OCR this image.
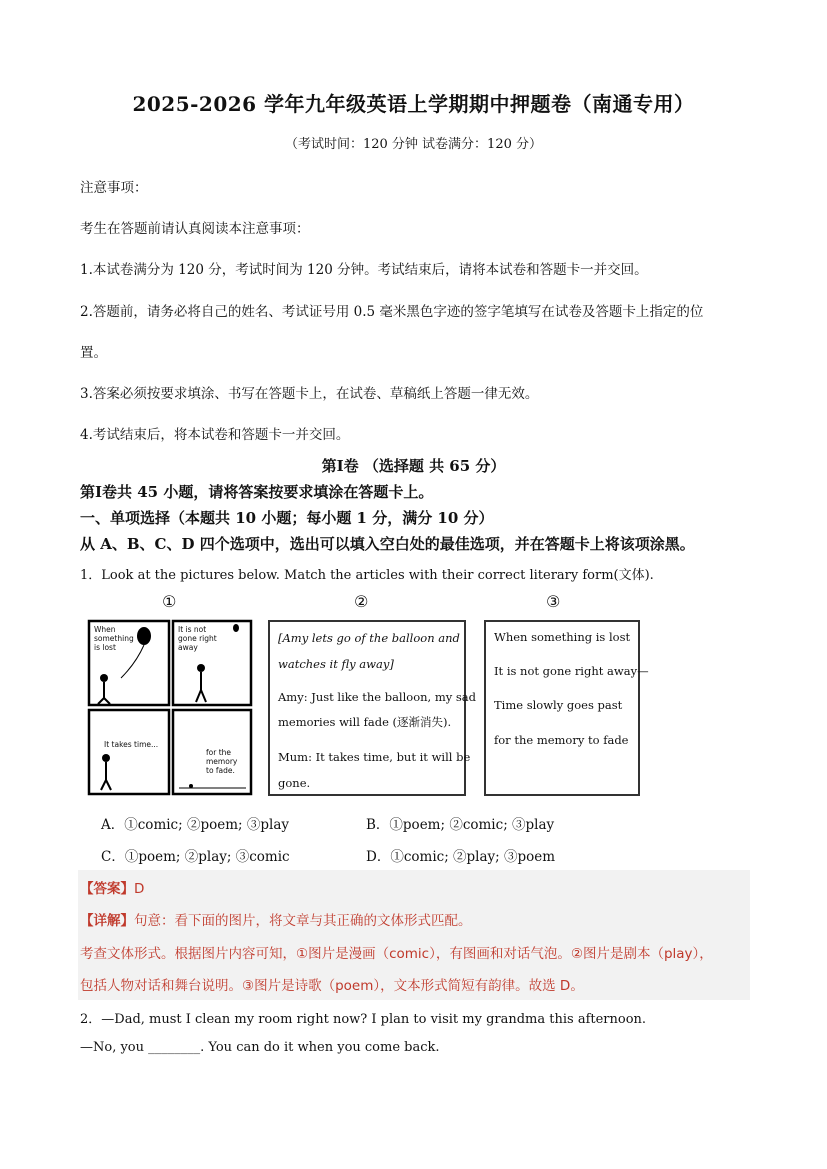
2025-2026 学年九年级英语上学期期中押题卷（南通专用）
（考试时间：120 分钟 试卷满分：120 分）
注意事项：
考生在答题前请认真阅读本注意事项：
1.本试卷满分为 120 分，考试时间为 120 分钟。考试结束后，请将本试卷和答题卡一并交回。
2.答题前，请务必将自己的姓名、考试证号用 0.5 毫米黑色字迹的签字笔填写在试卷及答题卡上指定的位
置。
3.答案必须按要求填涂、书写在答题卡上，在试卷、草稿纸上答题一律无效。
4.考试结束后，将本试卷和答题卡一并交回。
第Ⅰ卷 （选择题 共 65 分）
第Ⅰ卷共 45 小题，请将答案按要求填涂在答题卡上。
一、单项选择（本题共 10 小题；每小题 1 分，满分 10 分）
从 A、B、C、D 四个选项中，选出可以填入空白处的最佳选项，并在答题卡上将该项涂黑。
1．Look at the pictures below. Match the articles with their correct literary form(文体).
①	②	③
When something is lost
It is not gone right away
It takes time...
for the memory to fade.
[Amy lets go of the balloon and
watches it fly away]
Amy: Just like the balloon, my sad
memories will fade (逐渐消失).
Mum: It takes time, but it will be
gone.
When something is lost
It is not gone right away—
Time slowly goes past
for the memory to fade
A．①comic; ②poem; ③play	B．①poem; ②comic; ③play
C．①poem; ②play; ③comic	D．①comic; ②play; ③poem
【答案】D
【详解】句意：看下面的图片，将文章与其正确的文体形式匹配。
考查文体形式。根据图片内容可知，①图片是漫画（comic），有图画和对话气泡。②图片是剧本（play），
包括人物对话和舞台说明。③图片是诗歌（poem），文本形式简短有韵律。故选 D。
2．—Dad, must I clean my room right now? I plan to visit my grandma this afternoon.
—No, you ________. You can do it when you come back.
